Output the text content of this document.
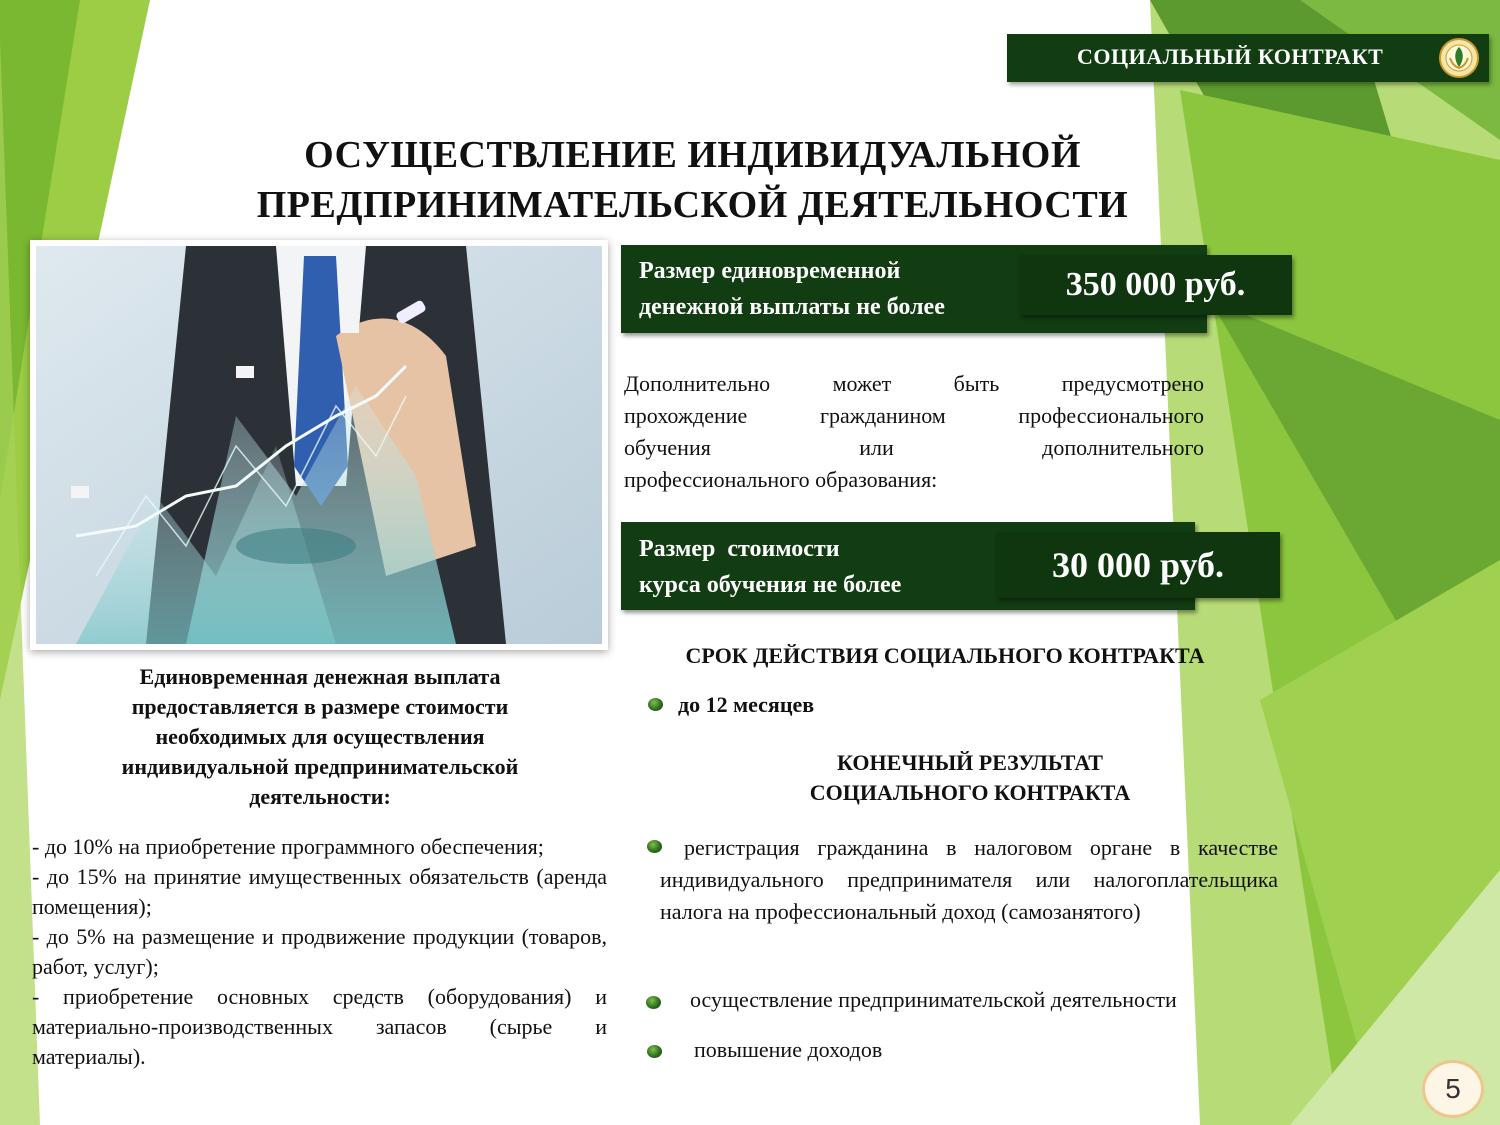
СОЦИАЛЬНЫЙ КОНТРАКТ
ОСУЩЕСТВЛЕНИЕ ИНДИВИДУАЛЬНОЙ
ПРЕДПРИНИМАТЕЛЬСКОЙ ДЕЯТЕЛЬНОСТИ
Размер единовременной
денежной выплаты не более
350 000 руб.
Дополнительно может быть предусмотрено
прохождение гражданином профессионального
обучения или дополнительного
профессионального образования:
Размер  стоимости
курса обучения не более	30 000 руб.
СРОК ДЕЙСТВИЯ СОЦИАЛЬНОГО КОНТРАКТА
до 12 месяцев
КОНЕЧНЫЙ РЕЗУЛЬТАТ
СОЦИАЛЬНОГО КОНТРАКТА
регистрация гражданина в налоговом органе в качестве индивидуального предпринимателя или налогоплательщика налога на профессиональный доход (самозанятого)
осуществление предпринимательской деятельности
повышение доходов
Единовременная денежная выплата
предоставляется в размере стоимости
необходимых для осуществления
индивидуальной предпринимательской
деятельности:
- до 10% на приобретение программного обеспечения;
- до 15% на принятие имущественных обязательств (аренда помещения);
- до 5% на размещение и продвижение продукции (товаров, работ, услуг);
- приобретение основных средств (оборудования) и материально-производственных запасов (сырье и материалы).
5
